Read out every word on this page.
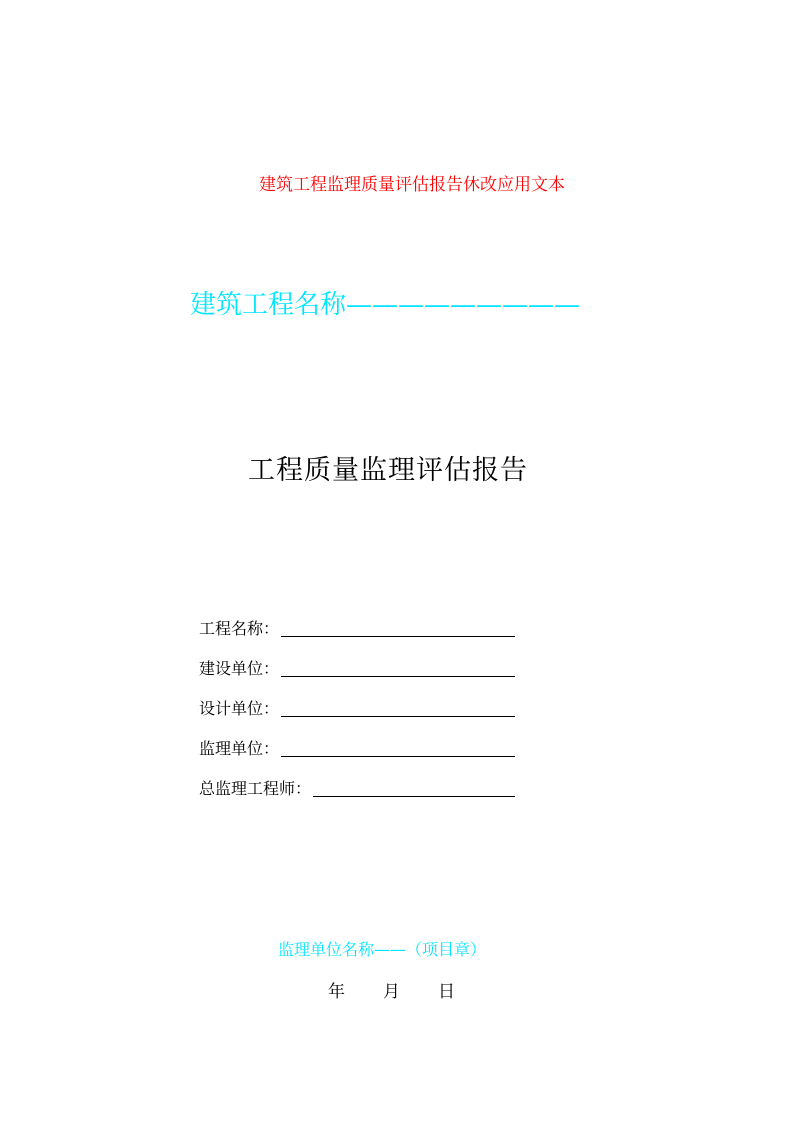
建筑工程监理质量评估报告休改应用文本
建筑工程名称—————————
工程质量监理评估报告
工程名称：
建设单位：
设计单位：
监理单位：
总监理工程师：
监理单位名称——（项目章）
年 月 日
